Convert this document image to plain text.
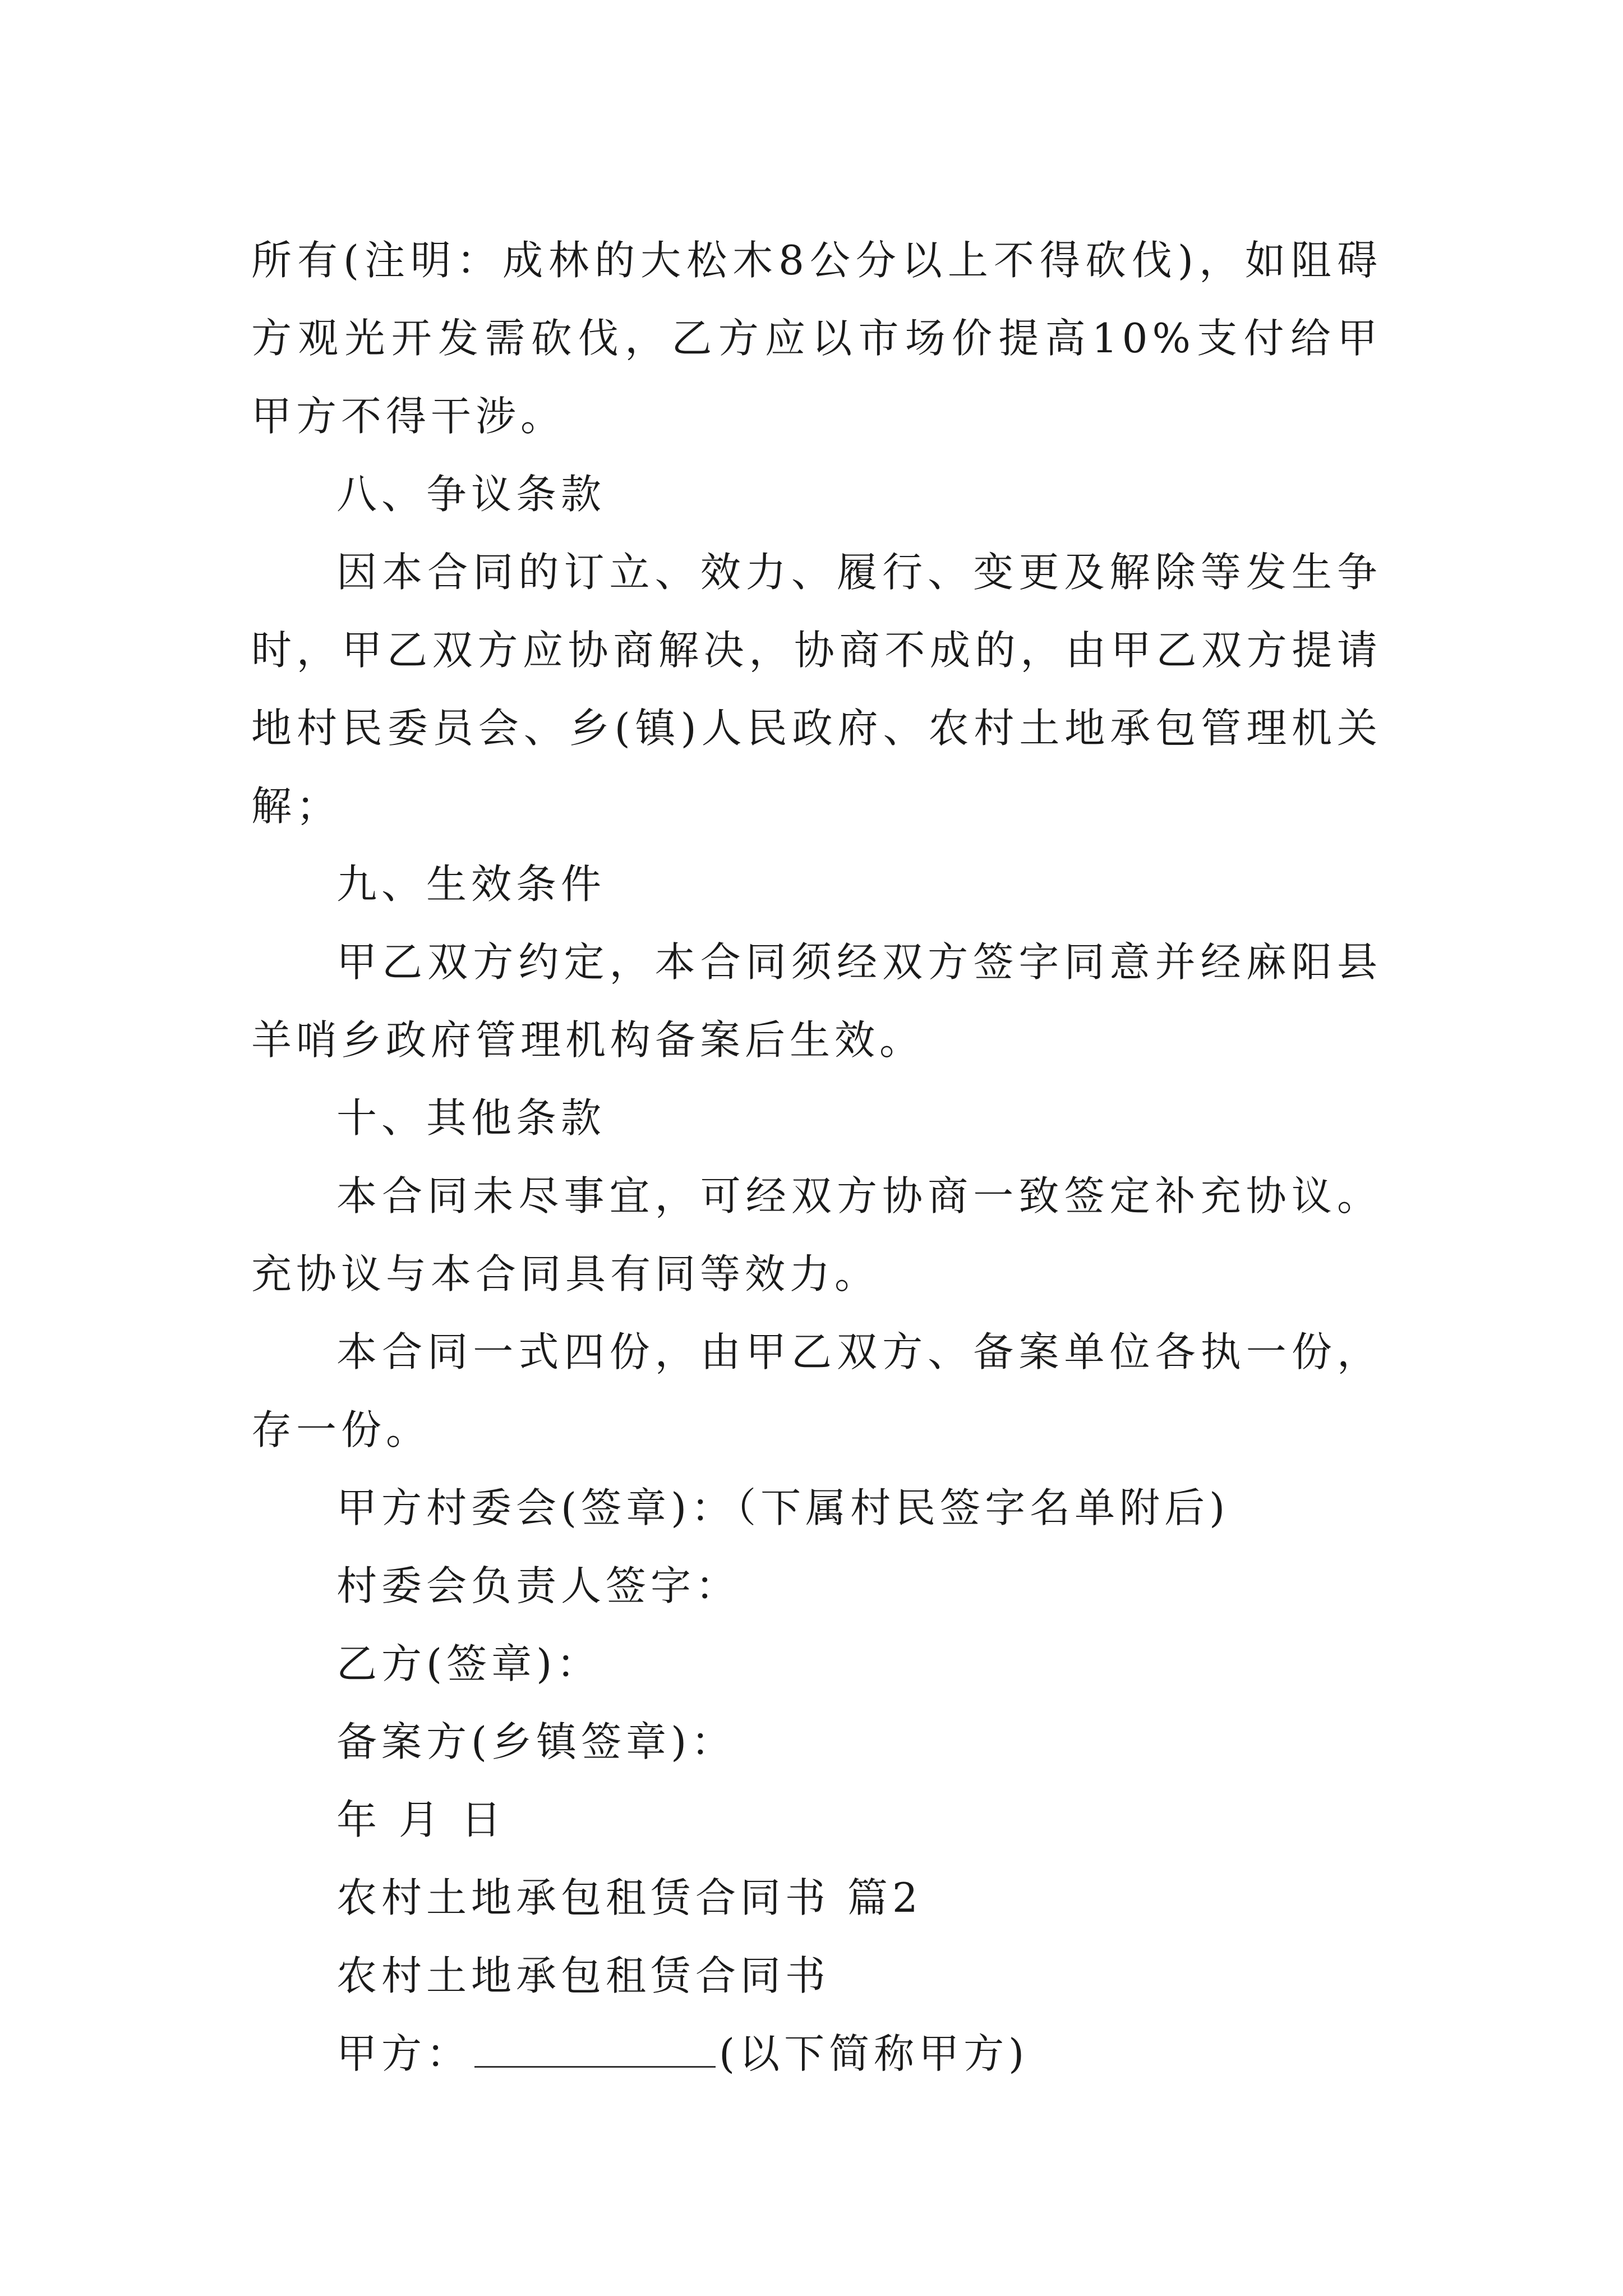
所有(注明：成林的大松木8公分以上不得砍伐)，如阻碍
方观光开发需砍伐，乙方应以市场价提高10%支付给甲
甲方不得干涉。
八、争议条款
因本合同的订立、效力、履行、变更及解除等发生争
时，甲乙双方应协商解决，协商不成的，由甲乙双方提请
地村民委员会、乡(镇)人民政府、农村土地承包管理机关
解；
九、生效条件
甲乙双方约定，本合同须经双方签字同意并经麻阳县
羊哨乡政府管理机构备案后生效。
十、其他条款
本合同未尽事宜，可经双方协商一致签定补充协议。
充协议与本合同具有同等效力。
本合同一式四份，由甲乙双方、备案单位各执一份，
存一份。
甲方村委会(签章)：（下属村民签字名单附后)
村委会负责人签字：
乙方(签章)：
备案方(乡镇签章)：
年 月 日
农村土地承包租赁合同书 篇2
农村土地承包租赁合同书
甲方：	(以下简称甲方)
